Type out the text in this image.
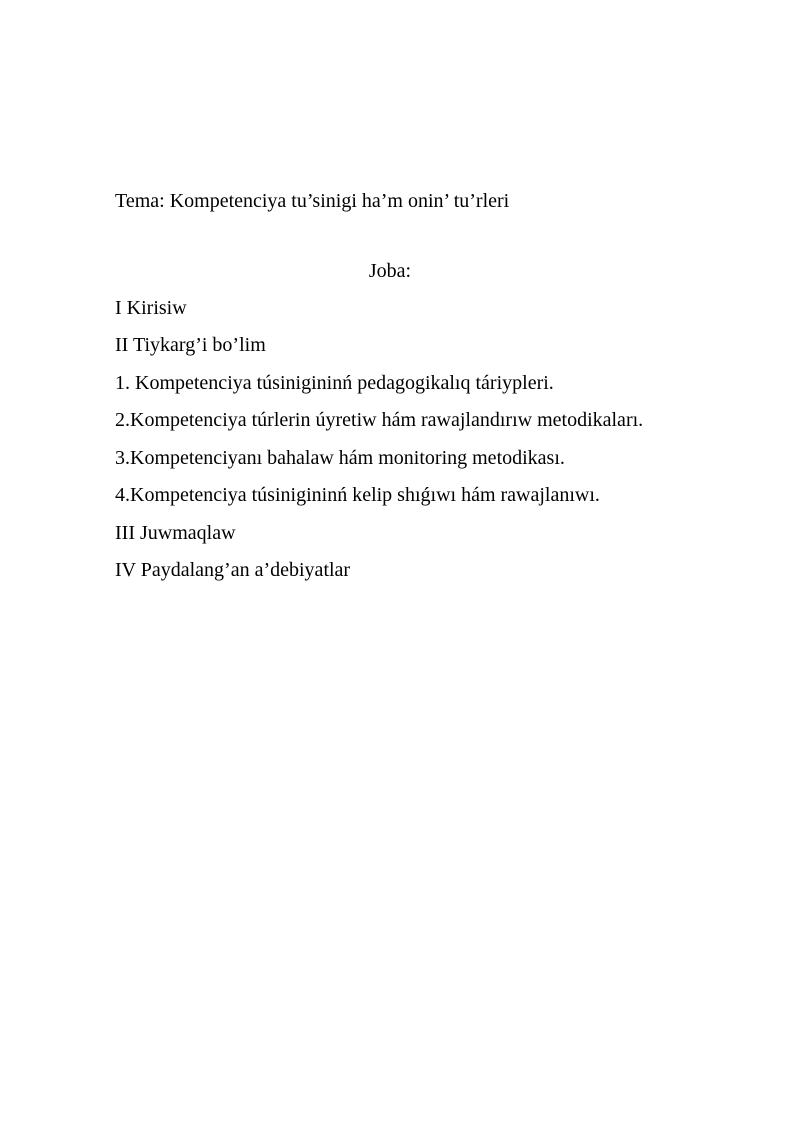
Tema: Kompetenciya tu’sinigi ha’m onin’ tu’rleri
Joba:
I Kirisiw
II Tiykarg’i bo’lim
1. Kompetenciya túsinigininń pedagogikalıq táriypleri.
2.Kompetenciya túrlerin úyretiw hám rawajlandırıw metodikaları.
3.Kompetenciyanı bahalaw hám monitoring metodikası.
4.Kompetenciya túsinigininń kelip shıǵıwı hám rawajlanıwı.
III Juwmaqlaw
IV Paydalang’an a’debiyatlar
